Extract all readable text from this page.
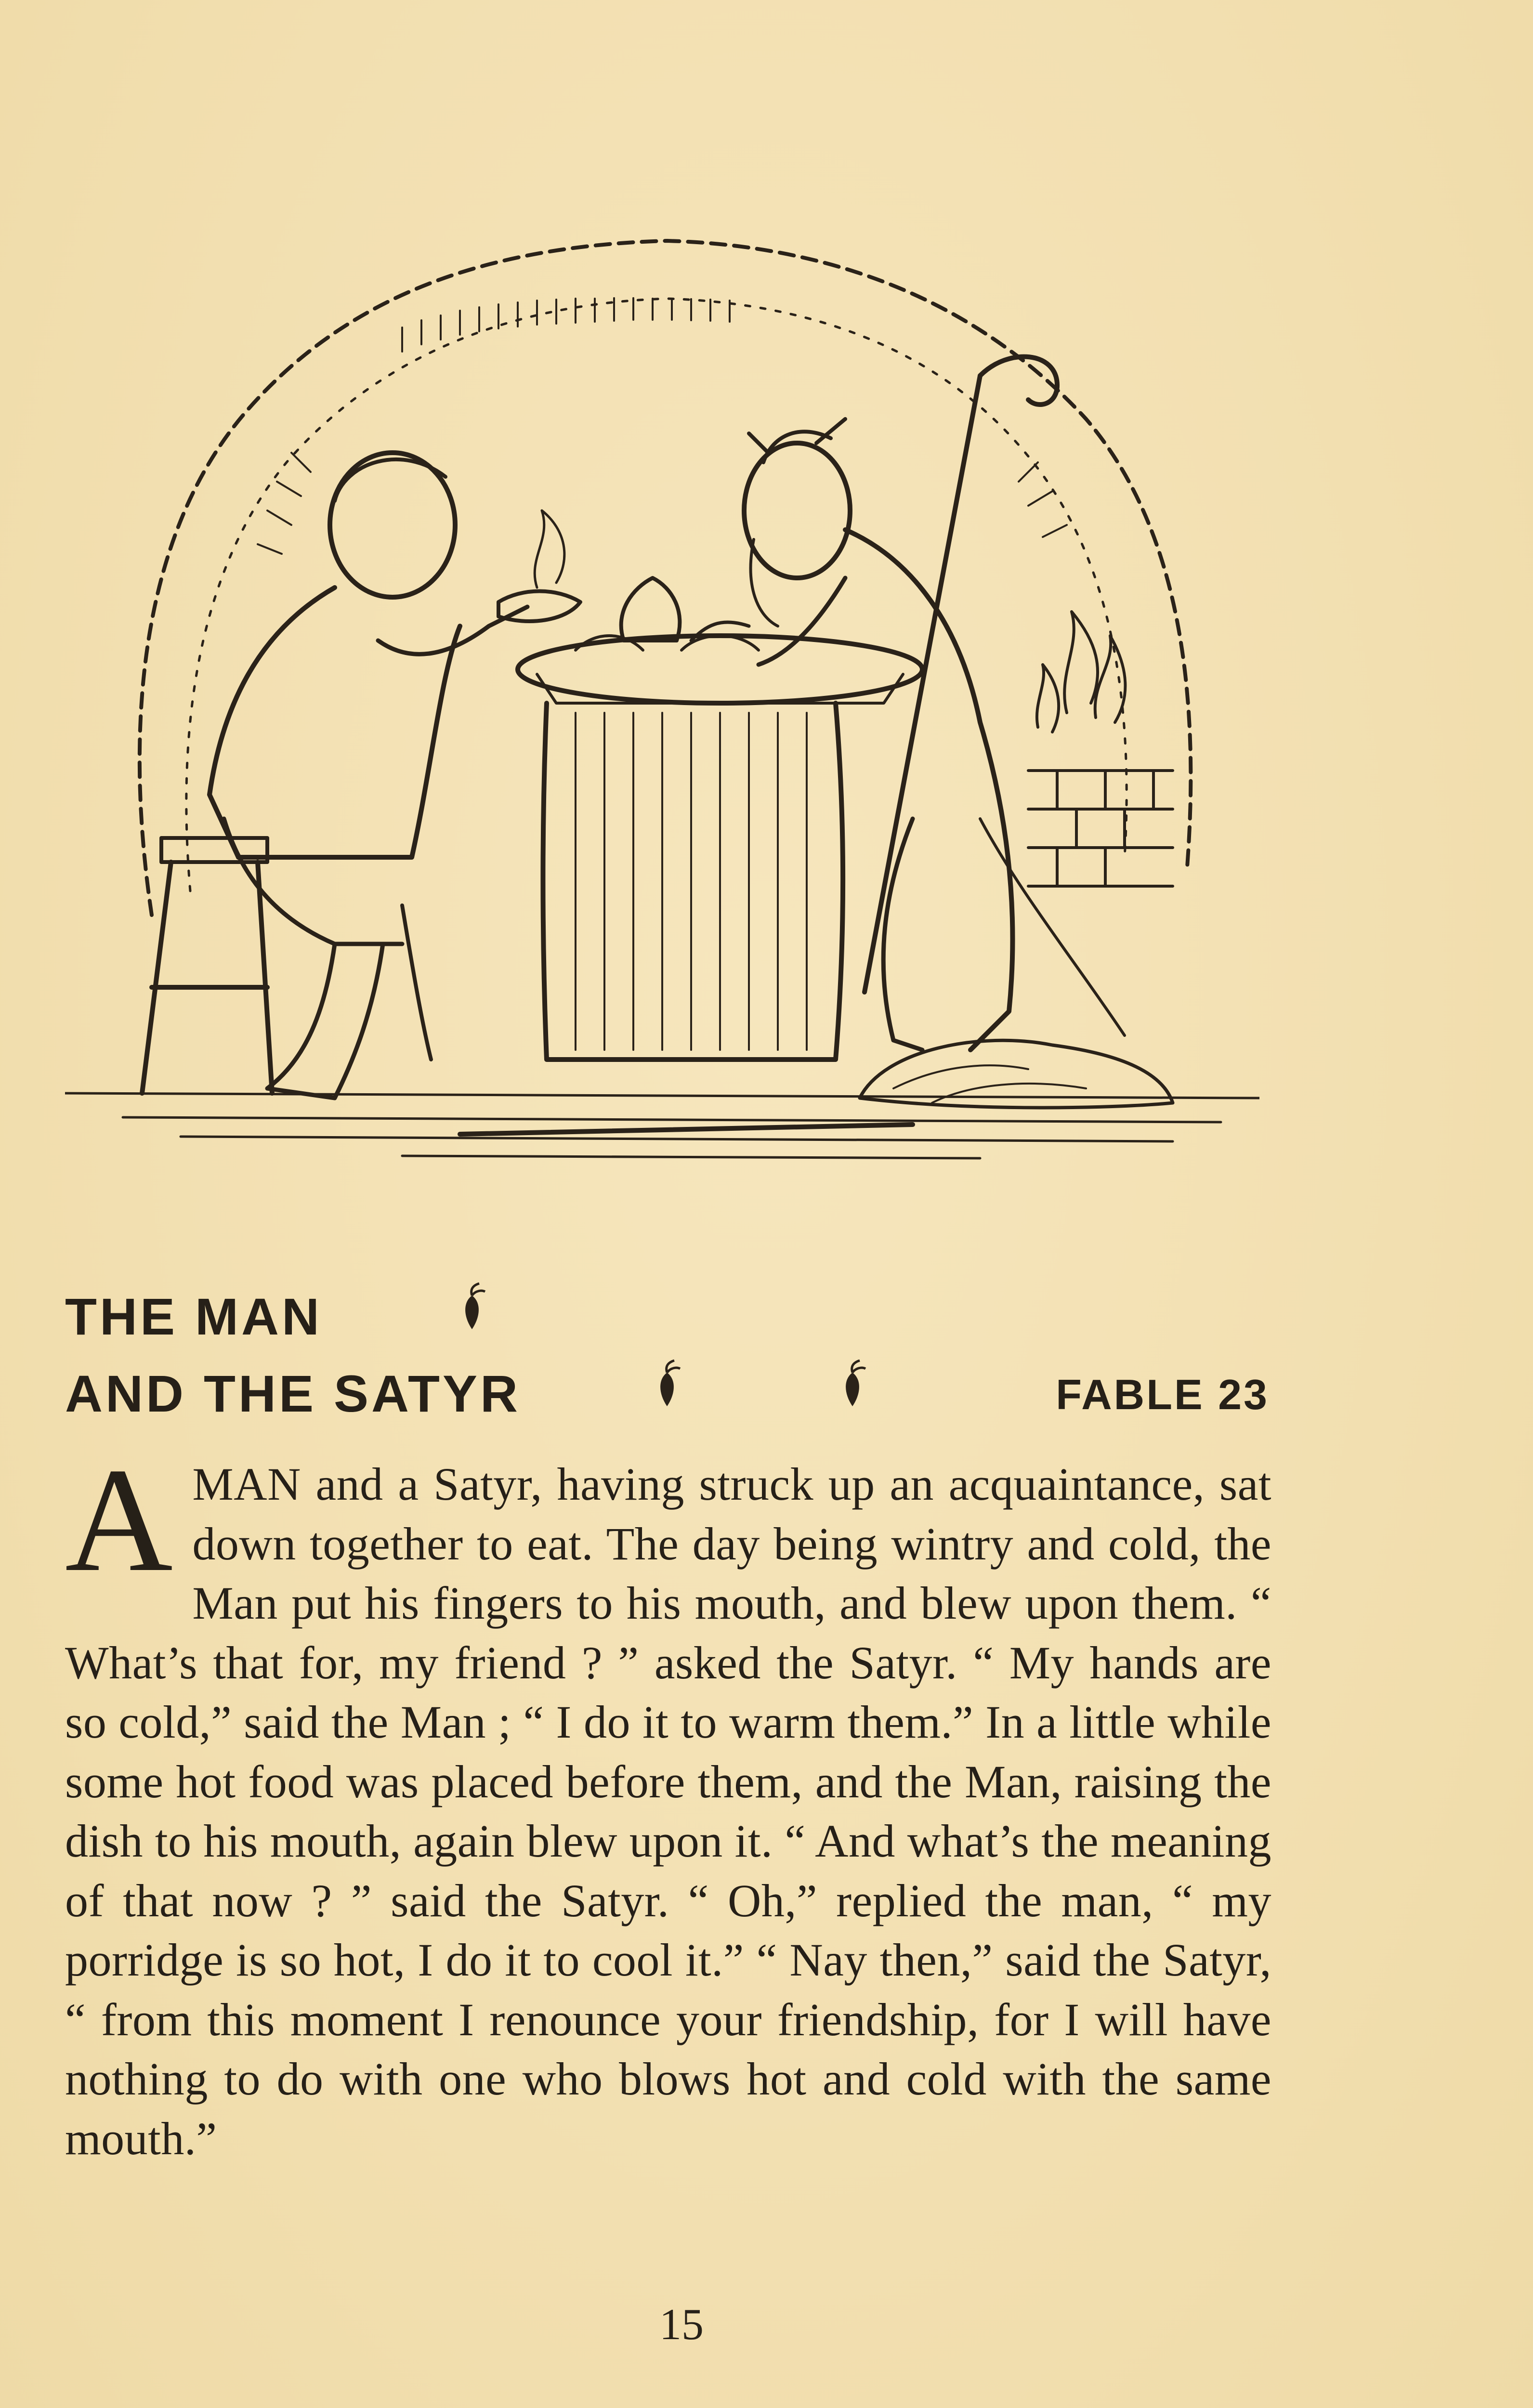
THE MAN
AND THE SATYR	FABLE 23
A MAN and a Satyr, having struck up an acquaintance, sat down together to eat. The day being wintry and cold, the Man put his fingers to his mouth, and blew upon them. “ What’s that for, my friend ? ” asked the Satyr. “ My hands are so cold,” said the Man ; “ I do it to warm them.” In a little while some hot food was placed before them, and the Man, raising the dish to his mouth, again blew upon it. “ And what’s the meaning of that now ? ” said the Satyr. “ Oh,” replied the man, “ my porridge is so hot, I do it to cool it.” “ Nay then,” said the Satyr, “ from this moment I renounce your friendship, for I will have nothing to do with one who blows hot and cold with the same mouth.”
15
